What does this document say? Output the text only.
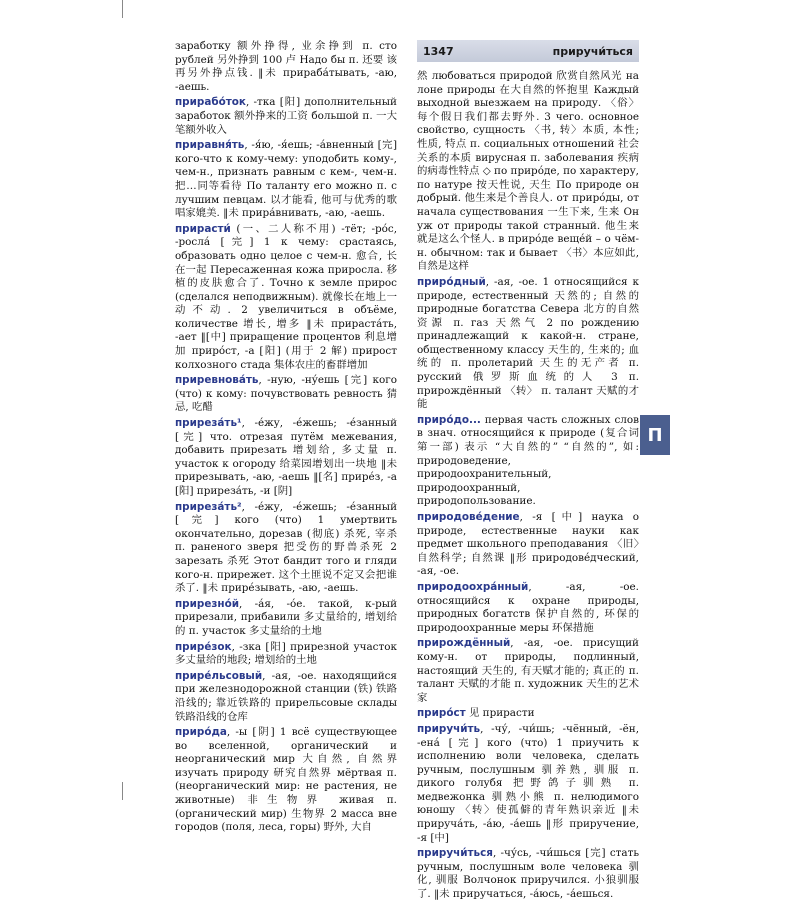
1347	приручи́ться
П

заработку 额外挣得, 业余挣到 п. сто рублей 另外挣到 100 卢 Надо бы п. 还要 该再另外挣点钱. ‖未 прираба́тывать, -аю, -аешь.

прирабо́ток, -тка [阳] дополнительный заработок 额外挣来的工资 большой п. 一大笔额外收入

приравня́ть, -я́ю, -я́ешь; -а́вненный [完] кого-что к кому-чему: уподобить кому-, чем-н., признать равным с кем-, чем-н. 把…同等看待 По таланту его можно п. с лучшим певцам. 以才能看, 他可与优秀的歌唱家媲美. ‖未 прира́внивать, -аю, -аешь.

прирасти́ (一、二人称不用) -тёт; -ро́с, -росла́ [完] 1 к чему: срастаясь, образовать одно целое с чем-н. 愈合, 长在一起 Пересаженная кожа приросла. 移植的皮肤愈合了. Точно к земле прирос (сделался неподвижным). 就像长在地上一动不动. 2 увеличиться в объёме, количестве 增长, 增多 ‖未 прираста́ть, -ает ‖[中] приращение процентов 利息增加 приро́ст, -а [阳] (用于 2 解) прирост колхозного стада 集体农庄的畜群增加

приревнова́ть, -ную, -ну́ешь [完] кого (что) к кому: почувствовать ревность 猜忌, 吃醋

приреза́ть¹, -е́жу, -е́жешь; -е́занный [完] что. отрезая путём межевания, добавить прирезать 增划给, 多丈量 п. участок к огороду 给菜园增划出一块地 ‖未 прирезывать, -аю, -аешь ‖[名] прире́з, -а [阳] приреза́ть, -и [阴]

приреза́ть², -е́жу, -е́жешь; -е́занный [完] кого (что) 1 умертвить окончательно, дорезав (彻底) 杀死, 宰杀 п. раненого зверя 把受伤的野兽杀死 2 зарезать 杀死 Этот бандит того и гляди кого-н. прирежет. 这个土匪说不定又会把谁杀了. ‖未 прире́зывать, -аю, -аешь.

прирезно́й, -а́я, -о́е. такой, к-рый прирезали, прибавили 多丈量给的, 增划给的 п. участок 多丈量给的土地

прире́зок, -зка [阳] прирезной участок 多丈量给的地段; 增划给的土地

прире́льсовый, -ая, -ое. находящийся при железнодорожной станции (铁) 铁路沿线的; 靠近铁路的 прирельсовые склады 铁路沿线的仓库

приро́да, -ы [阴] 1 всё существующее во вселенной, органический и неорганический мир 大自然, 自然界 изучать природу 研究自然界 мёртвая п. (неорганический мир: не растения, не животные) 非生物界 живая п. (органический мир) 生物界 2 масса вне городов (поля, леса, горы) 野外, 大自

然 любоваться природой 欣赏自然风光 на лоне природы 在大自然的怀抱里 Каждый выходной выезжаем на природу. 〈俗〉每个假日我们都去野外. 3 чего. основное свойство, сущность 〈书, 转〉本质, 本性; 性质, 特点 п. социальных отношений 社会关系的本质 вирусная п. заболевания 疾病的病毒性特点 ◇ по приро́де, по характеру, по натуре 按天性说, 天生 По природе он добрый. 他生来是个善良人. от приро́ды, от начала существования 一生下来, 生来 Он уж от природы такой странный. 他生来就是这么个怪人. в приро́де веще́й – о чём-н. обычном: так и бывает 〈书〉本应如此, 自然是这样

приро́дный, -ая, -ое. 1 относящийся к природе, естественный 天然的; 自然的 природные богатства Севера 北方的自然资源 п. газ 天然气 2 по рождению принадлежащий к какой-н. стране, общественному классу 天生的, 生来的; 血统的 п. пролетарий 天生的无产者 п. русский 俄罗斯血统的人 3 п. прирождённый 〈转〉 п. талант 天赋的才能

приро́до... первая часть сложных слов в знач. относящийся к природе (复合词第一部) 表示 “大自然的” “自然的”, 如: природоведение, природоохранительный, природоохранный, природопользование.

природове́дение, -я [中] наука о природе, естественные науки как предмет школьного преподавания 〈旧〉自然科学; 自然课 ‖形 природове́дческий, -ая, -ое.

природоохра́нный, -ая, -ое. относящийся к охране природы, природных богатств 保护自然的, 环保的 природоохранные меры 环保措施

прирождённый, -ая, -ое. присущий кому-н. от природы, подлинный, настоящий 天生的, 有天赋才能的; 真正的 п. талант 天赋的才能 п. художник 天生的艺术家

приро́ст 见 прирасти

приручи́ть, -чу́, -чи́шь; -чённый, -ён, -ена́ [完] кого (что) 1 приучить к исполнению воли человека, сделать ручным, послушным 驯养熟, 驯服 п. дикого голубя 把野鸽子驯熟 п. медвежонка 驯熟小熊 п. нелюдимого юношу 〈转〉使孤僻的青年熟识亲近 ‖未 прируча́ть, -а́ю, -а́ешь ‖形 приручение, -я [中]

приручи́ться, -чу́сь, -чи́шься [完] стать ручным, послушным воле человека 驯化, 驯服 Волчонок приручился. 小狼驯服了. ‖未 приручаться, -а́юсь, -а́ешься.
